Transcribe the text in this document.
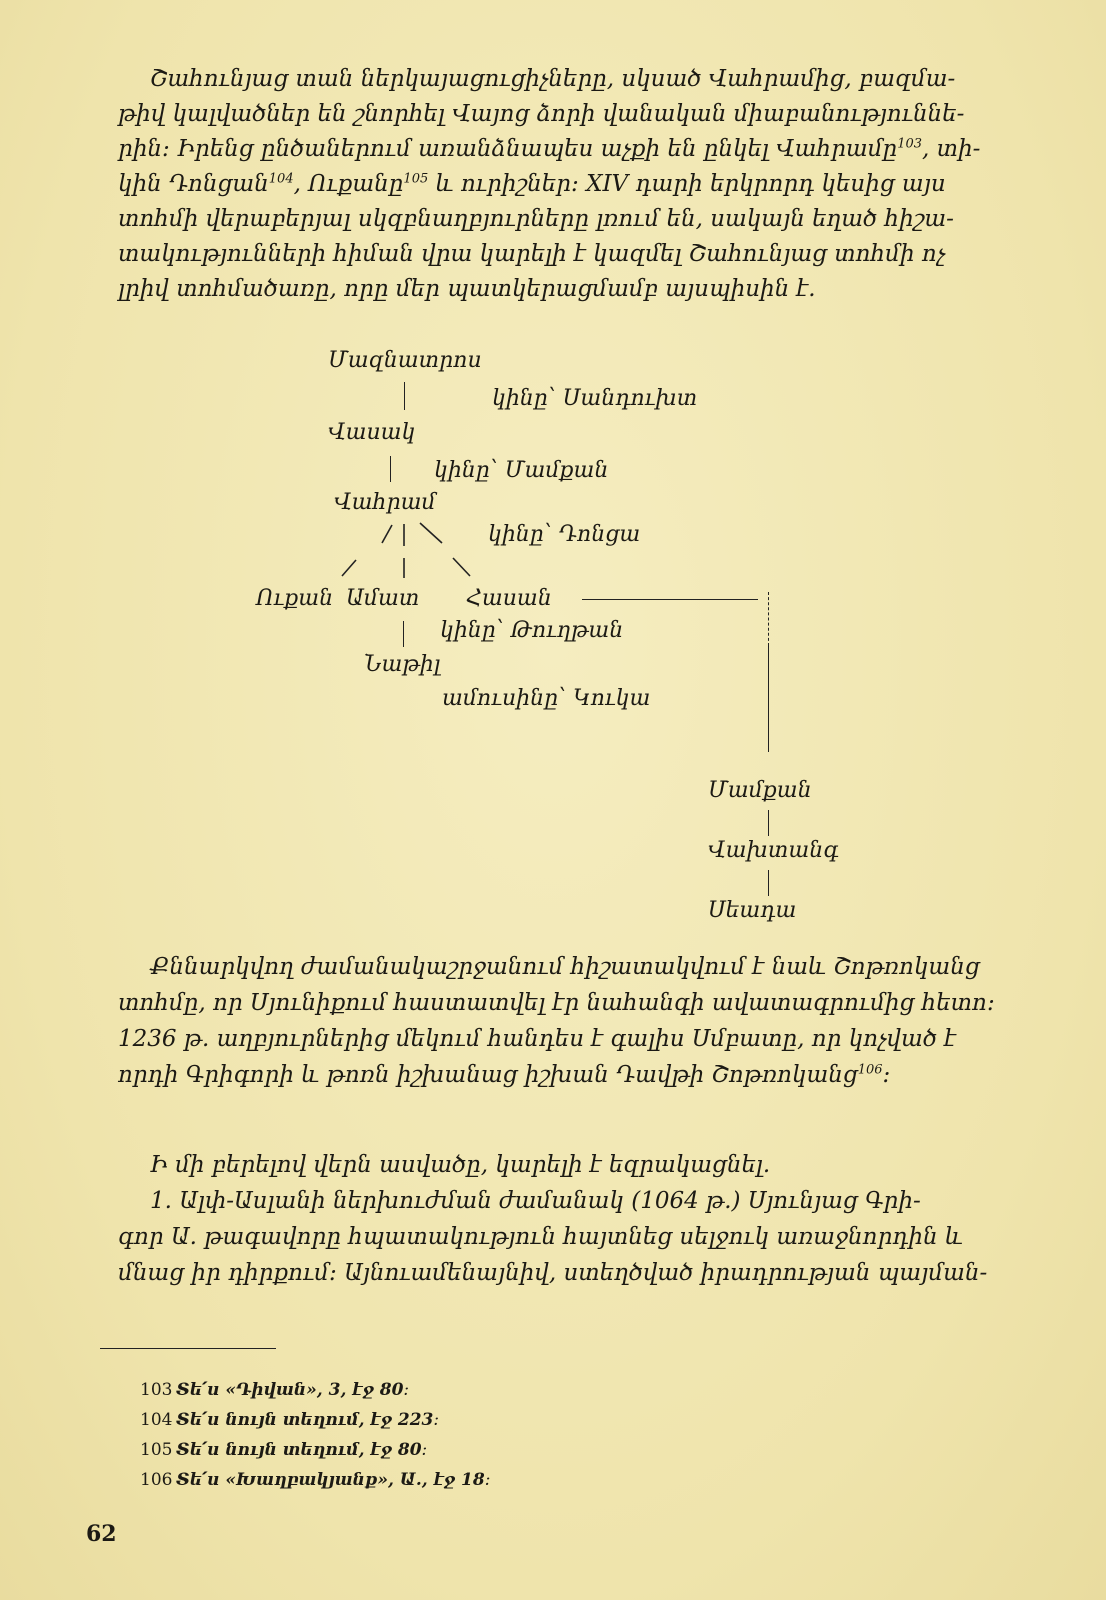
Շահունյաց տան ներկայացուցիչները, սկսած Վահրամից, բազմա-

թիվ կալվածներ են շնորհել Վայոց ձորի վանական միաբանություննե-

րին։ Իրենց ընծաներում առանձնապես աչքի են ընկել Վահրամը$^{103}$, տի-

կին Դոնցան$^{104}$, Ուքանը$^{105}$ և ուրիշներ։ XIV դարի երկրորդ կեսից այս

տոհմի վերաբերյալ սկզբնաղբյուրները լռում են, սակայն եղած հիշա-

տակությունների հիման վրա կարելի է կազմել Շահունյաց տոհմի ոչ

լրիվ տոհմածառը, որը մեր պատկերացմամբ այսպիսին է.

Մազնատրոս
կինը՝ Սանդուխտ
Վասակ
կինը՝ Մամքան
Վահրամ
կինը՝ Դոնցա
Ուքան Ամատ Հասան
կինը՝ Թուղթան
Նաթիլ
ամուսինը՝ Կուկա
Մամքան
Վախտանգ
Սեադա

Քննարկվող ժամանակաշրջանում հիշատակվում է նաև Շոթռոկանց

տոհմը, որ Սյունիքում հաստատվել էր նահանգի ավատագրումից հետո։

1236 թ. աղբյուրներից մեկում հանդես է գալիս Սմբատը, որ կոչված է

որդի Գրիգորի և թոռն իշխանաց իշխան Դավթի Շոթռոկանց$^{106}$։

Ի մի բերելով վերն ասվածը, կարելի է եզրակացնել.

1. Ալփ-Ասլանի ներխուժման ժամանակ (1064 թ.) Սյունյաց Գրի-

գոր Ա. թագավորը հպատակություն հայտնեց սելջուկ առաջնորդին և

մնաց իր դիրքում։ Այնուամենայնիվ, ստեղծված իրադրության պայման-

103 Տե՛ս «Դիվան», 3, էջ 80։
104 Տե՛ս նույն տեղում, էջ 223։
105 Տե՛ս նույն տեղում, էջ 80։
106 Տե՛ս «Խաղբակյանք», Ա., էջ 18։
62
